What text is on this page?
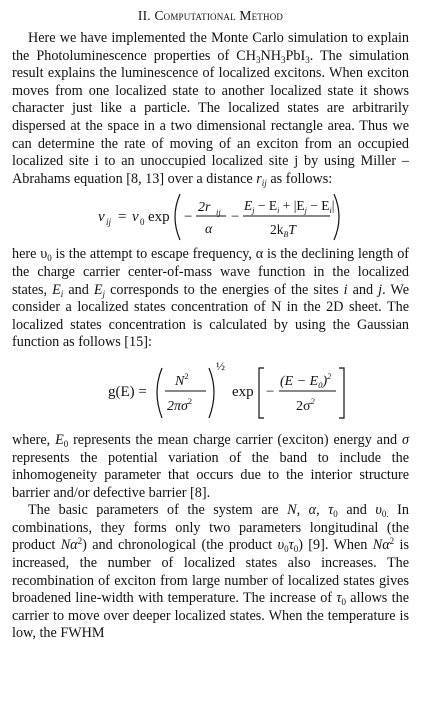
II. Computational Method

Here we have implemented the Monte Carlo simulation to explain the Photoluminescence properties of $CH_3NH_3PbI_3$. The simulation result explains the luminescence of localized excitons. When exciton moves from one localized state to another localized state it shows character just like a particle. The localized states are arbitrarily dispersed at the space in a two dimensional rectangle area. Thus we can determine the rate of moving of an exciton from an occupied localized site i to an unoccupied localized site j by using Miller – Abrahams equation [8, 13] over a distance $r_{ij}$ as follows:

v ij = v 0 exp −
2r ij
α
−
$E_j - E_i + |E_j - E_i|$
$2k_BT$

here $\upsilon_0$ is the attempt to escape frequency, α is the declining length of the charge carrier center-of-mass wave function in the localized states, $E_i$ and $E_j$ corresponds to the energies of the sites i and j. We consider a localized states concentration of N in the 2D sheet. The localized states concentration is calculated by using the Gaussian function as follows [15]:

g(E) =
$N^2$
$2\pi\sigma^2$
½
exp −
$(E - E_0)^2$
$2\sigma^2$

where, $E_0$ represents the mean charge carrier (exciton) energy and σ represents the potential variation of the band to include the inhomogeneity parameter that occurs due to the interior structure barrier and/or defective barrier [8].

The basic parameters of the system are N, α, $\tau_0$ and $\upsilon_{0.}$ In combinations, they forms only two parameters longitudinal (the product $N\alpha^2$) and chronological (the product $\upsilon_0\tau_0$) [9]. When $N\alpha^2$ is increased, the number of localized states also increases. The recombination of exciton from large number of localized states gives broadened line-width with temperature. The increase of $\tau_0$ allows the carrier to move over deeper localized states. When the temperature is low, the FWHM
